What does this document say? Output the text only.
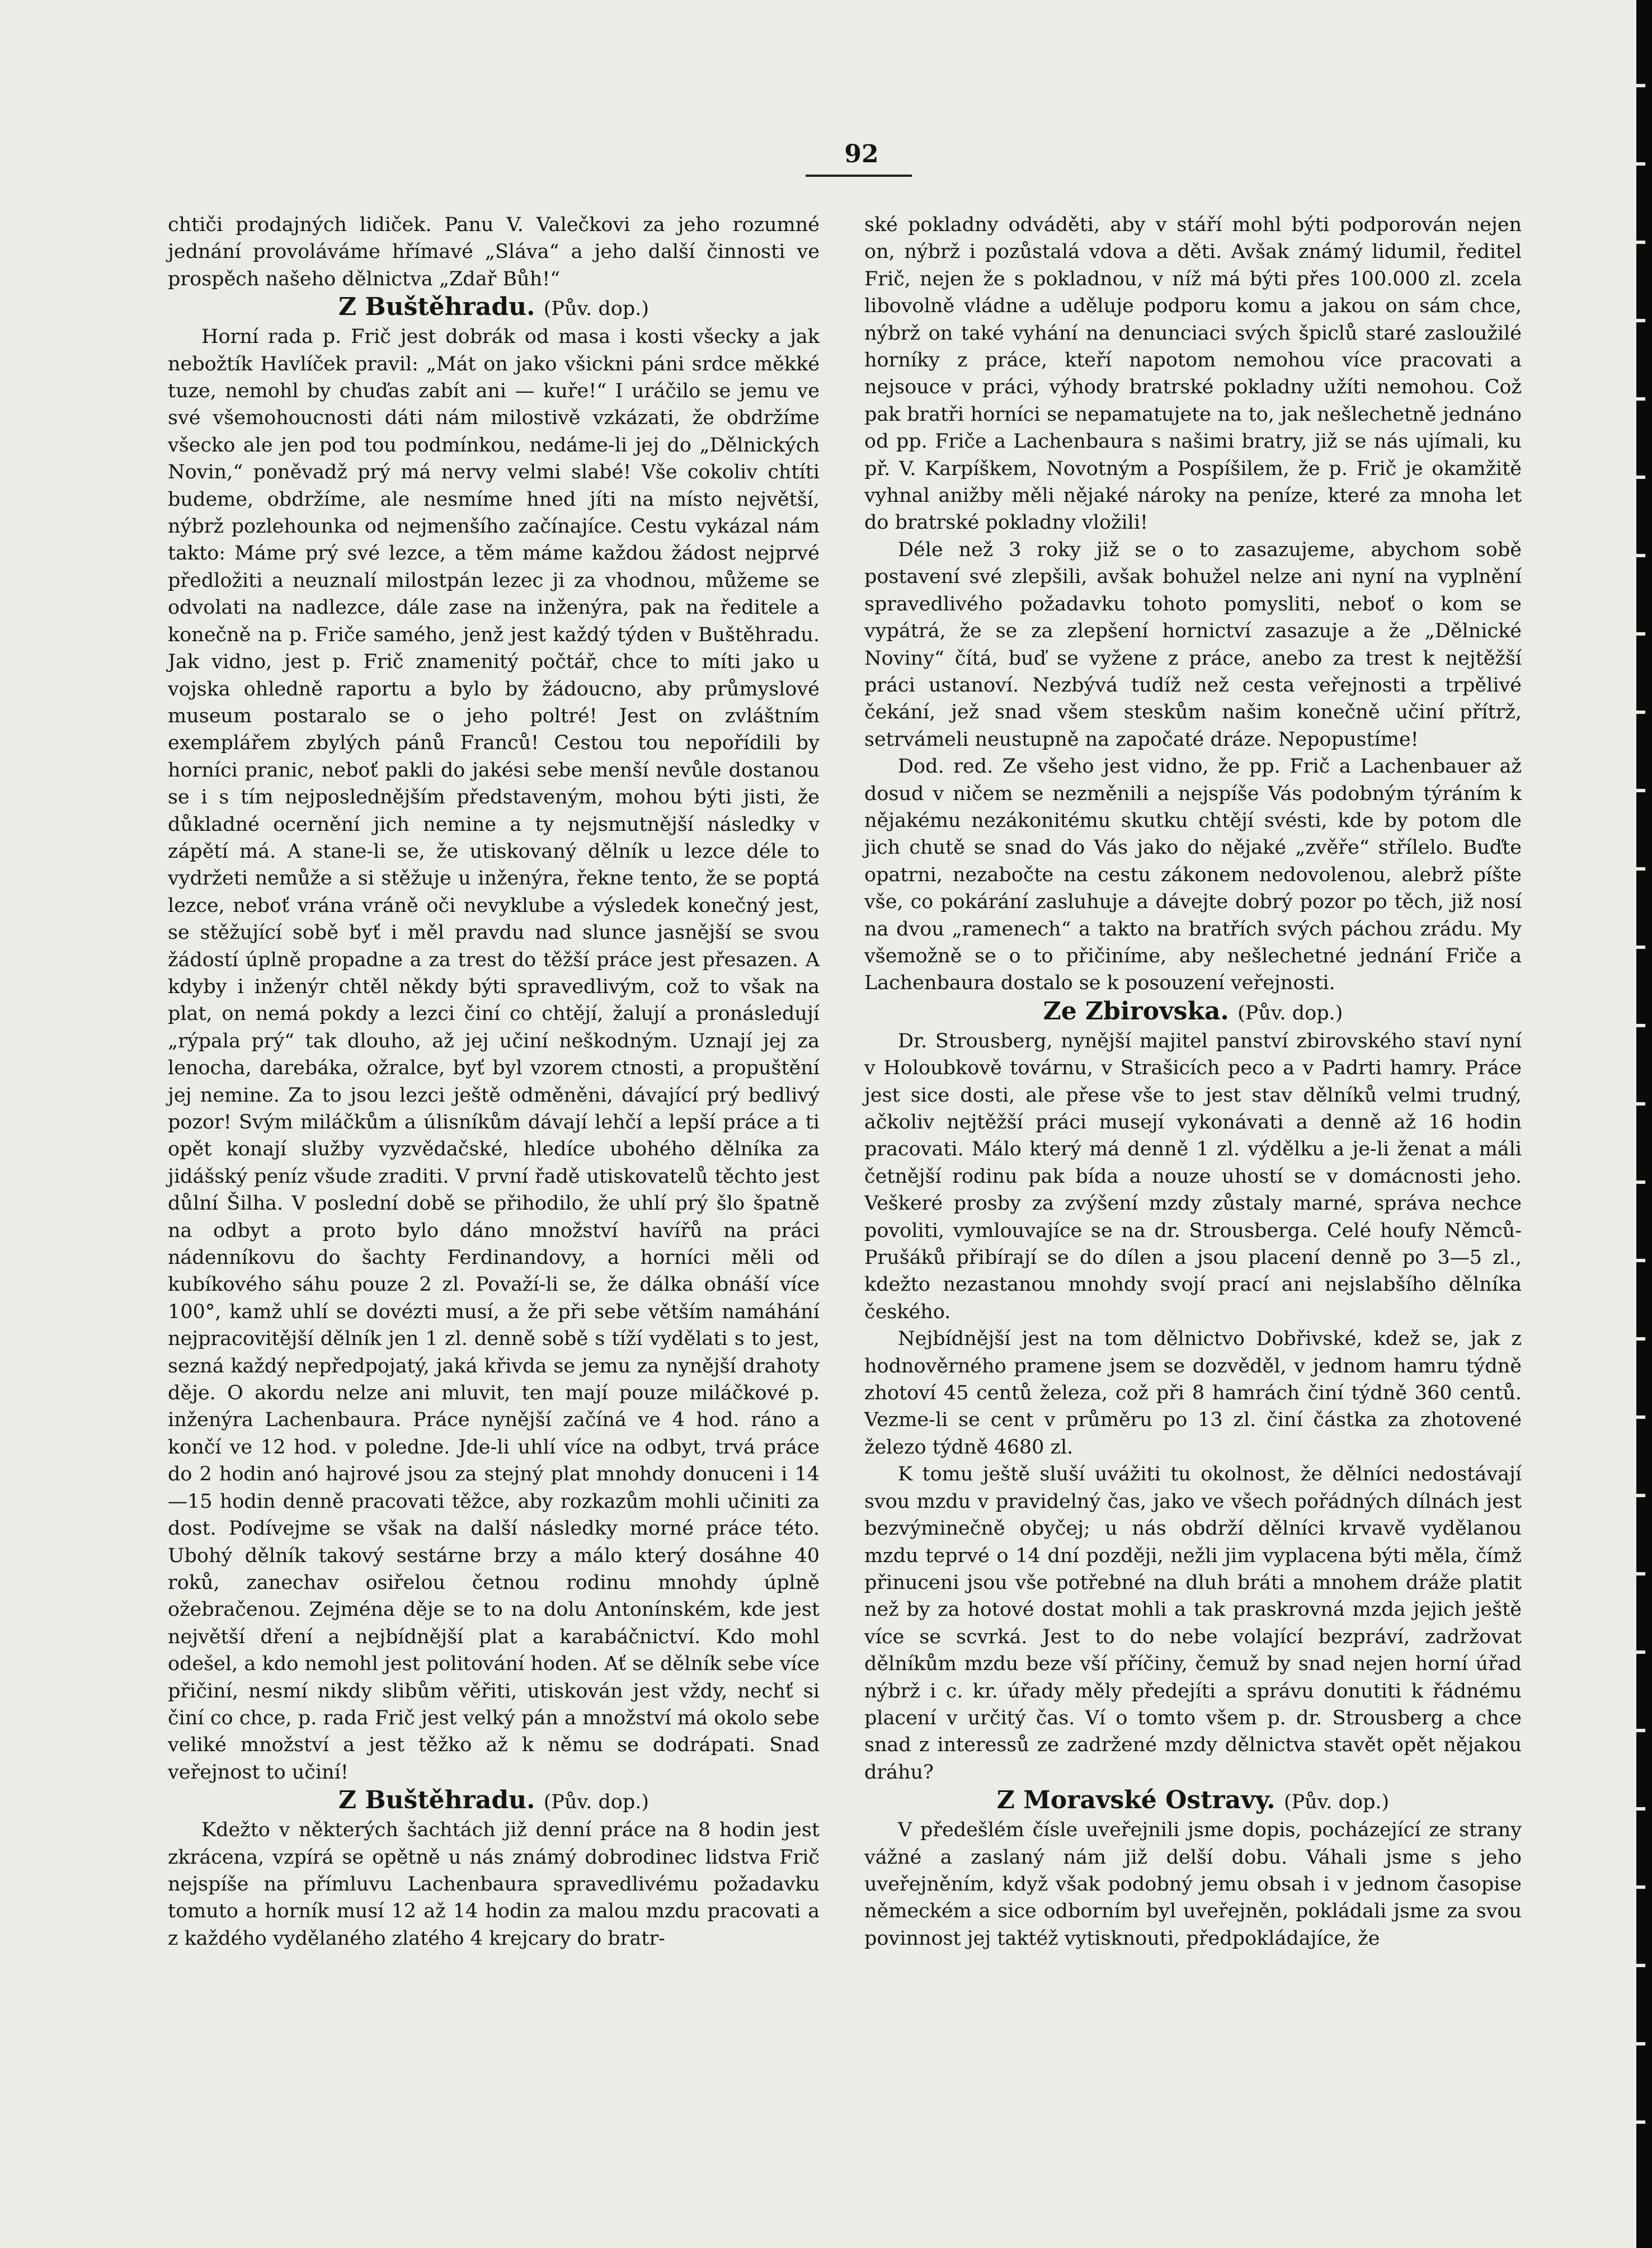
92

chtiči prodajných lidiček. Panu V. Valečkovi za jeho rozumné jednání provoláváme hřímavé „Sláva“ a jeho další činnosti ve prospěch našeho dělnictva „Zdař Bůh!“

Z Buštěhradu. (Pův. dop.)

Horní rada p. Frič jest dobrák od masa i kosti všecky a jak nebožtík Havlíček pravil: „Mát on jako všickni páni srdce měkké tuze, nemohl by chuďas zabít ani — kuře!“ I uráčilo se jemu ve své všemohoucnosti dáti nám milostivě vzkázati, že obdržíme všecko ale jen pod tou podmínkou, nedáme-li jej do „Dělnických Novin,“ poněvadž prý má nervy velmi slabé! Vše cokoliv chtíti budeme, obdržíme, ale nesmíme hned jíti na místo největší, nýbrž pozlehounka od nejmenšího začínajíce. Cestu vykázal nám takto: Máme prý své lezce, a těm máme každou žádost nejprvé předložiti a neuznalí milostpán lezec ji za vhodnou, můžeme se odvolati na nadlezce, dále zase na inženýra, pak na ředitele a konečně na p. Friče samého, jenž jest každý týden v Buštěhradu. Jak vidno, jest p. Frič znamenitý počtář, chce to míti jako u vojska ohledně raportu a bylo by žádoucno, aby průmyslové museum postaralo se o jeho poltré! Jest on zvláštním exemplářem zbylých pánů Franců! Cestou tou nepořídili by horníci pranic, neboť pakli do jakési sebe menší nevůle dostanou se i s tím nejposlednějším představeným, mohou býti jisti, že důkladné ocernění jich nemine a ty nejsmutnější následky v zápětí má. A stane-li se, že utiskovaný dělník u lezce déle to vydržeti nemůže a si stěžuje u inženýra, řekne tento, že se poptá lezce, neboť vrána vráně oči nevyklube a výsledek konečný jest, se stěžující sobě byť i měl pravdu nad slunce jasnější se svou žádostí úplně propadne a za trest do těžší práce jest přesazen. A kdyby i inženýr chtěl někdy býti spravedlivým, což to však na plat, on nemá pokdy a lezci činí co chtějí, žalují a pronásledují „rýpala prý“ tak dlouho, až jej učiní neškodným. Uznají jej za lenocha, darebáka, ožralce, byť byl vzorem ctnosti, a propuštění jej nemine. Za to jsou lezci ještě odměněni, dávající prý bedlivý pozor! Svým miláčkům a úlisníkům dávají lehčí a lepší práce a ti opět konají služby vyzvědačské, hledíce ubohého dělníka za jidášský peníz všude zraditi. V první řadě utiskovatelů těchto jest důlní Šilha. V poslední době se přihodilo, že uhlí prý šlo špatně na odbyt a proto bylo dáno množství havířů na práci nádenníkovu do šachty Ferdinandovy, a horníci měli od kubíkového sáhu pouze 2 zl. Považí-li se, že dálka obnáší více 100°, kamž uhlí se dovézti musí, a že při sebe větším namáhání nejpracovitější dělník jen 1 zl. denně sobě s tíží vydělati s to jest, sezná každý nepředpojatý, jaká křivda se jemu za nynější drahoty děje. O akordu nelze ani mluvit, ten mají pouze miláčkové p. inženýra Lachenbaura. Práce nynější začíná ve 4 hod. ráno a končí ve 12 hod. v poledne. Jde-li uhlí více na odbyt, trvá práce do 2 hodin anó hajrové jsou za stejný plat mnohdy donuceni i 14—15 hodin denně pracovati těžce, aby rozkazům mohli učiniti za dost. Podívejme se však na další následky morné práce této. Ubohý dělník takový sestárne brzy a málo který dosáhne 40 roků, zanechav osiřelou četnou rodinu mnohdy úplně ožebračenou. Zejména děje se to na dolu Antonínském, kde jest největší dření a nejbídnější plat a karabáčnictví. Kdo mohl odešel, a kdo nemohl jest politování hoden. Ať se dělník sebe více přičiní, nesmí nikdy slibům věřiti, utiskován jest vždy, nechť si činí co chce, p. rada Frič jest velký pán a množství má okolo sebe veliké množství a jest těžko až k němu se dodrápati. Snad veřejnost to učiní!

Z Buštěhradu. (Pův. dop.)

Kdežto v některých šachtách již denní práce na 8 hodin jest zkrácena, vzpírá se opětně u nás známý dobrodinec lidstva Frič nejspíše na přímluvu Lachenbaura spravedlivému požadavku tomuto a horník musí 12 až 14 hodin za malou mzdu pracovati a z každého vydělaného zlatého 4 krejcary do bratr-

ské pokladny odváděti, aby v stáří mohl býti podporován nejen on, nýbrž i pozůstalá vdova a děti. Avšak známý lidumil, ředitel Frič, nejen že s pokladnou, v níž má býti přes 100.000 zl. zcela libovolně vládne a uděluje podporu komu a jakou on sám chce, nýbrž on také vyhání na denunciaci svých špiclů staré zasloužilé horníky z práce, kteří napotom nemohou více pracovati a nejsouce v práci, výhody bratrské pokladny užíti nemohou. Což pak bratři horníci se nepamatujete na to, jak nešlechetně jednáno od pp. Friče a Lachenbaura s našimi bratry, již se nás ujímali, ku př. V. Karpíškem, Novotným a Pospíšilem, že p. Frič je okamžitě vyhnal anižby měli nějaké nároky na peníze, které za mnoha let do bratrské pokladny vložili!

Déle než 3 roky již se o to zasazujeme, abychom sobě postavení své zlepšili, avšak bohužel nelze ani nyní na vyplnění spravedlivého požadavku tohoto pomysliti, neboť o kom se vypátrá, že se za zlepšení hornictví zasazuje a že „Dělnické Noviny“ čítá, buď se vyžene z práce, anebo za trest k nejtěžší práci ustanoví. Nezbývá tudíž než cesta veřejnosti a trpělivé čekání, jež snad všem steskům našim konečně učiní přítrž, setrvámeli neustupně na započaté dráze. Nepopustíme!

Dod. red. Ze všeho jest vidno, že pp. Frič a Lachenbauer až dosud v ničem se nezměnili a nejspíše Vás podobným týráním k nějakému nezákonitému skutku chtějí svésti, kde by potom dle jich chutě se snad do Vás jako do nějaké „zvěře“ střílelo. Buďte opatrni, nezabočte na cestu zákonem nedovolenou, alebrž píšte vše, co pokárání zasluhuje a dávejte dobrý pozor po těch, již nosí na dvou „ramenech“ a takto na bratřích svých páchou zrádu. My všemožně se o to přičiníme, aby nešlechetné jednání Friče a Lachenbaura dostalo se k posouzení veřejnosti.

Ze Zbirovska. (Pův. dop.)

Dr. Strousberg, nynější majitel panství zbirovského staví nyní v Holoubkově továrnu, v Strašicích peco a v Padrti hamry. Práce jest sice dosti, ale přese vše to jest stav dělníků velmi trudný, ačkoliv nejtěžší práci musejí vykonávati a denně až 16 hodin pracovati. Málo který má denně 1 zl. výdělku a je-li ženat a máli četnější rodinu pak bída a nouze uhostí se v domácnosti jeho. Veškeré prosby za zvýšení mzdy zůstaly marné, správa nechce povoliti, vymlouvajíce se na dr. Strousberga. Celé houfy Němců-Prušáků přibírají se do dílen a jsou placení denně po 3—5 zl., kdežto nezastanou mnohdy svojí prací ani nejslabšího dělníka českého.

Nejbídnější jest na tom dělnictvo Dobřivské, kdež se, jak z hodnověrného pramene jsem se dozvěděl, v jednom hamru týdně zhotoví 45 centů železa, což při 8 hamrách činí týdně 360 centů. Vezme-li se cent v průměru po 13 zl. činí částka za zhotovené železo týdně 4680 zl.

K tomu ještě sluší uvážiti tu okolnost, že dělníci nedostávají svou mzdu v pravidelný čas, jako ve všech pořádných dílnách jest bezvýminečně obyčej; u nás obdrží dělníci krvavě vydělanou mzdu teprvé o 14 dní později, nežli jim vyplacena býti měla, čímž přinuceni jsou vše potřebné na dluh bráti a mnohem dráže platit než by za hotové dostat mohli a tak praskrovná mzda jejich ještě více se scvrká. Jest to do nebe volající bezpráví, zadržovat dělníkům mzdu beze vší příčiny, čemuž by snad nejen horní úřad nýbrž i c. kr. úřady měly předejíti a správu donutiti k řádnému placení v určitý čas. Ví o tomto všem p. dr. Strousberg a chce snad z interessů ze zadržené mzdy dělnictva stavět opět nějakou dráhu?

Z Moravské Ostravy. (Pův. dop.)

V předešlém čísle uveřejnili jsme dopis, pocházející ze strany vážné a zaslaný nám již delší dobu. Váhali jsme s jeho uveřejněním, když však podobný jemu obsah i v jednom časopise německém a sice odborním byl uveřejněn, pokládali jsme za svou povinnost jej taktéž vytisknouti, předpokládajíce, že
